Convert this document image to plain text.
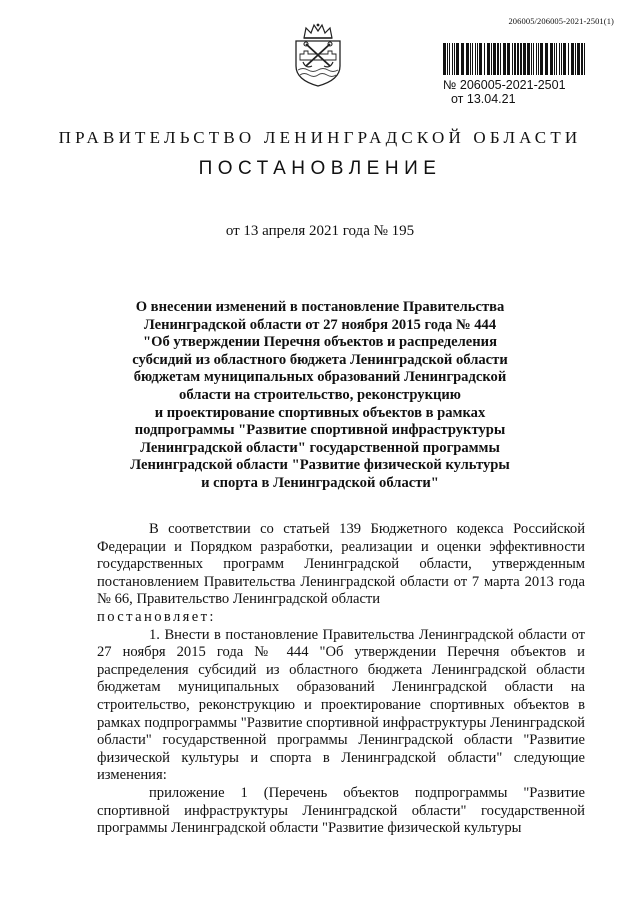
206005/206005-2021-2501(1)
№ 206005-2021-2501
от 13.04.21
ПРАВИТЕЛЬСТВО ЛЕНИНГРАДСКОЙ ОБЛАСТИ
ПОСТАНОВЛЕНИЕ
от 13 апреля 2021 года № 195
О внесении изменений в постановление Правительства
Ленинградской области от 27 ноября 2015 года № 444
"Об утверждении Перечня объектов и распределения
субсидий из областного бюджета Ленинградской области
бюджетам муниципальных образований Ленинградской
области на строительство, реконструкцию
и проектирование спортивных объектов в рамках
подпрограммы "Развитие спортивной инфраструктуры
Ленинградской области" государственной программы
Ленинградской области "Развитие физической культуры
и спорта в Ленинградской области"

В соответствии со статьей 139 Бюджетного кодекса Российской Федерации и Порядком разработки, реализации и оценки эффективности государственных программ Ленинградской области, утвержденным постановлением Правительства Ленинградской области от 7 марта 2013 года № 66, Правительство Ленинградской области

постановляет:

1. Внести в постановление Правительства Ленинградской области от 27 ноября 2015 года № 444 "Об утверждении Перечня объектов и распределения субсидий из областного бюджета Ленинградской области бюджетам муниципальных образований Ленинградской области на строительство, реконструкцию и проектирование спортивных объектов в рамках подпрограммы "Развитие спортивной инфраструктуры Ленинградской области" государственной программы Ленинградской области "Развитие физической культуры и спорта в Ленинградской области" следующие изменения:

приложение 1 (Перечень объектов подпрограммы "Развитие спортивной инфраструктуры Ленинградской области" государственной программы Ленинградской области "Развитие физической культуры
